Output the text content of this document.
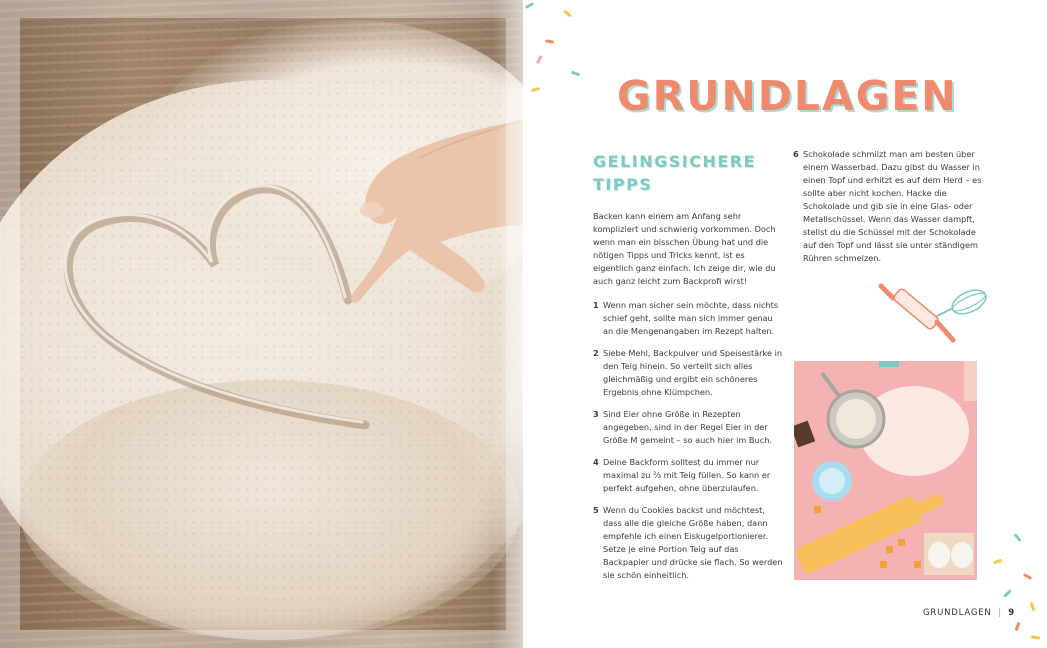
GRUNDLAGEN
GELINGSICHERE TIPPS

Backen kann einem am Anfang sehr kompliziert und schwierig vorkommen. Doch wenn man ein bisschen Übung hat und die nötigen Tipps und Tricks kennt, ist es eigentlich ganz einfach. Ich zeige dir, wie du auch ganz leicht zum Backprofi wirst!

1 Wenn man sicher sein möchte, dass nichts schief geht, sollte man sich immer genau an die Mengenangaben im Rezept halten.
2 Siebe Mehl, Backpulver und Speisestärke in den Teig hinein. So verteilt sich alles gleichmäßig und ergibt ein schöneres Ergebnis ohne Klümpchen.
3 Sind Eier ohne Größe in Rezepten angegeben, sind in der Regel Eier in der Größe M gemeint – so auch hier im Buch.
4 Deine Backform solltest du immer nur maximal zu ²⁄₃ mit Teig füllen. So kann er perfekt aufgehen, ohne überzulaufen.
5 Wenn du Cookies backst und möchtest, dass alle die gleiche Größe haben, dann empfehle ich einen Eiskugelportionierer. Setze je eine Portion Teig auf das Backpapier und drücke sie flach. So werden sie schön einheitlich.
6 Schokolade schmilzt man am besten über einem Wasserbad. Dazu gibst du Wasser in einen Topf und erhitzt es auf dem Herd – es sollte aber nicht kochen. Hacke die Schokolade und gib sie in eine Glas- oder Metallschüssel. Wenn das Wasser dampft, stellst du die Schüssel mit der Schokolade auf den Topf und lässt sie unter ständigem Rühren schmelzen.
GRUNDLAGEN | 9
